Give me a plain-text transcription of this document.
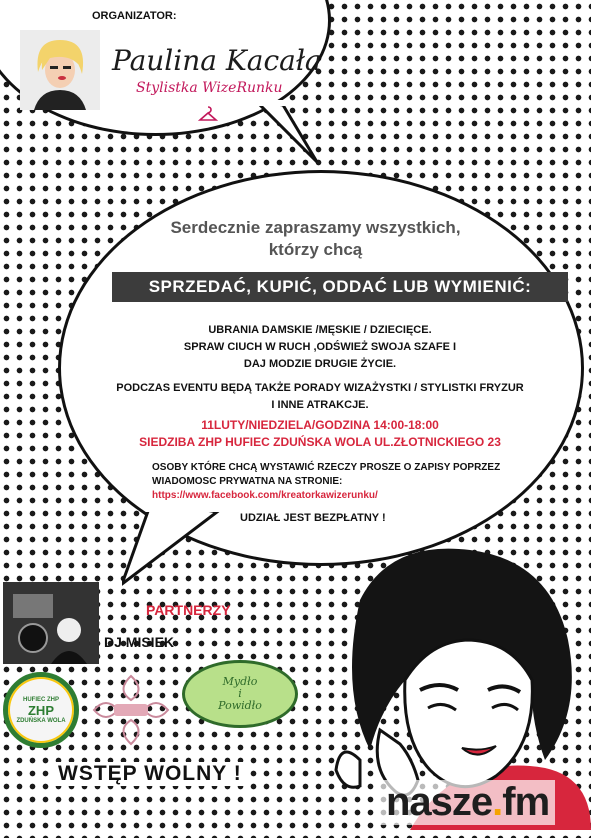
ORGANIZATOR:
Paulina Kacała
Stylistka WizeRunku
Serdecznie zapraszamy wszystkich,
którzy chcą
SPRZEDAĆ, KUPIĆ, ODDAĆ LUB WYMIENIĆ:
UBRANIA DAMSKIE /MĘSKIE / DZIECIĘCE.
SPRAW CIUCH W RUCH ,ODŚWIEŻ SWOJA SZAFE I
DAJ MODZIE DRUGIE ŻYCIE.
PODCZAS EVENTU BĘDĄ TAKŻE PORADY WIZAŻYSTKI / STYLISTKI FRYZUR
I INNE ATRAKCJE.
11LUTY/NIEDZIELA/GODZINA 14:00-18:00
SIEDZIBA ZHP HUFIEC ZDUŃSKA WOLA UL.ZŁOTNICKIEGO 23
OSOBY KTÓRE CHCĄ WYSTAWIĆ RZECZY PROSZE O ZAPISY POPRZEZ
WIADOMOSC PRYWATNA NA STRONIE:
https://www.facebook.com/kreatorkawizerunku/
UDZIAŁ JEST BEZPŁATNY !
PARTNERZY
DJ MISIEK
HUFIEC ZHP
ZHP
ZDUŃSKA WOLA
Mydło
i
Powidło
WSTĘP WOLNY !
nasze.fm
